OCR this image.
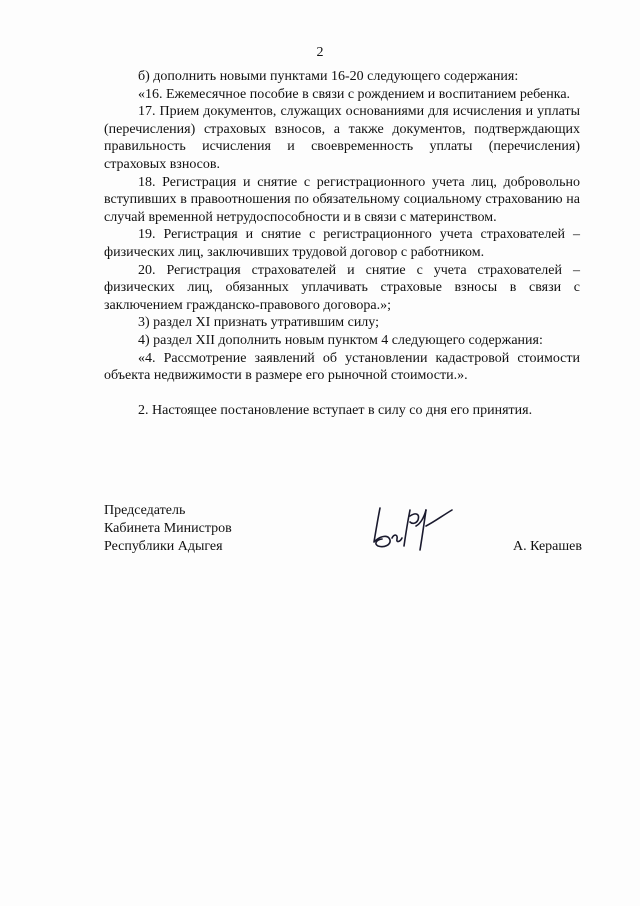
2

б) дополнить новыми пунктами 16-20 следующего содержания:

«16. Ежемесячное пособие в связи с рождением и воспитанием ребенка.

17. Прием документов, служащих основаниями для исчисления и уплаты (перечисления) страховых взносов, а также документов, подтверждающих правильность исчисления и своевременность уплаты (перечисления) страховых взносов.

18. Регистрация и снятие с регистрационного учета лиц, добровольно вступивших в правоотношения по обязательному социальному страхованию на случай временной нетрудоспособности и в связи с материнством.

19. Регистрация и снятие с регистрационного учета страхователей – физических лиц, заключивших трудовой договор с работником.

20. Регистрация страхователей и снятие с учета страхователей – физических лиц, обязанных уплачивать страховые взносы в связи с заключением гражданско-правового договора.»;

3) раздел XI признать утратившим силу;

4) раздел XII дополнить новым пунктом 4 следующего содержания:

«4. Рассмотрение заявлений об установлении кадастровой стоимости объекта недвижимости в размере его рыночной стоимости.».

2. Настоящее постановление вступает в силу со дня его принятия.

Председатель
Кабинета Министров
Республики Адыгея	А. Керашев
